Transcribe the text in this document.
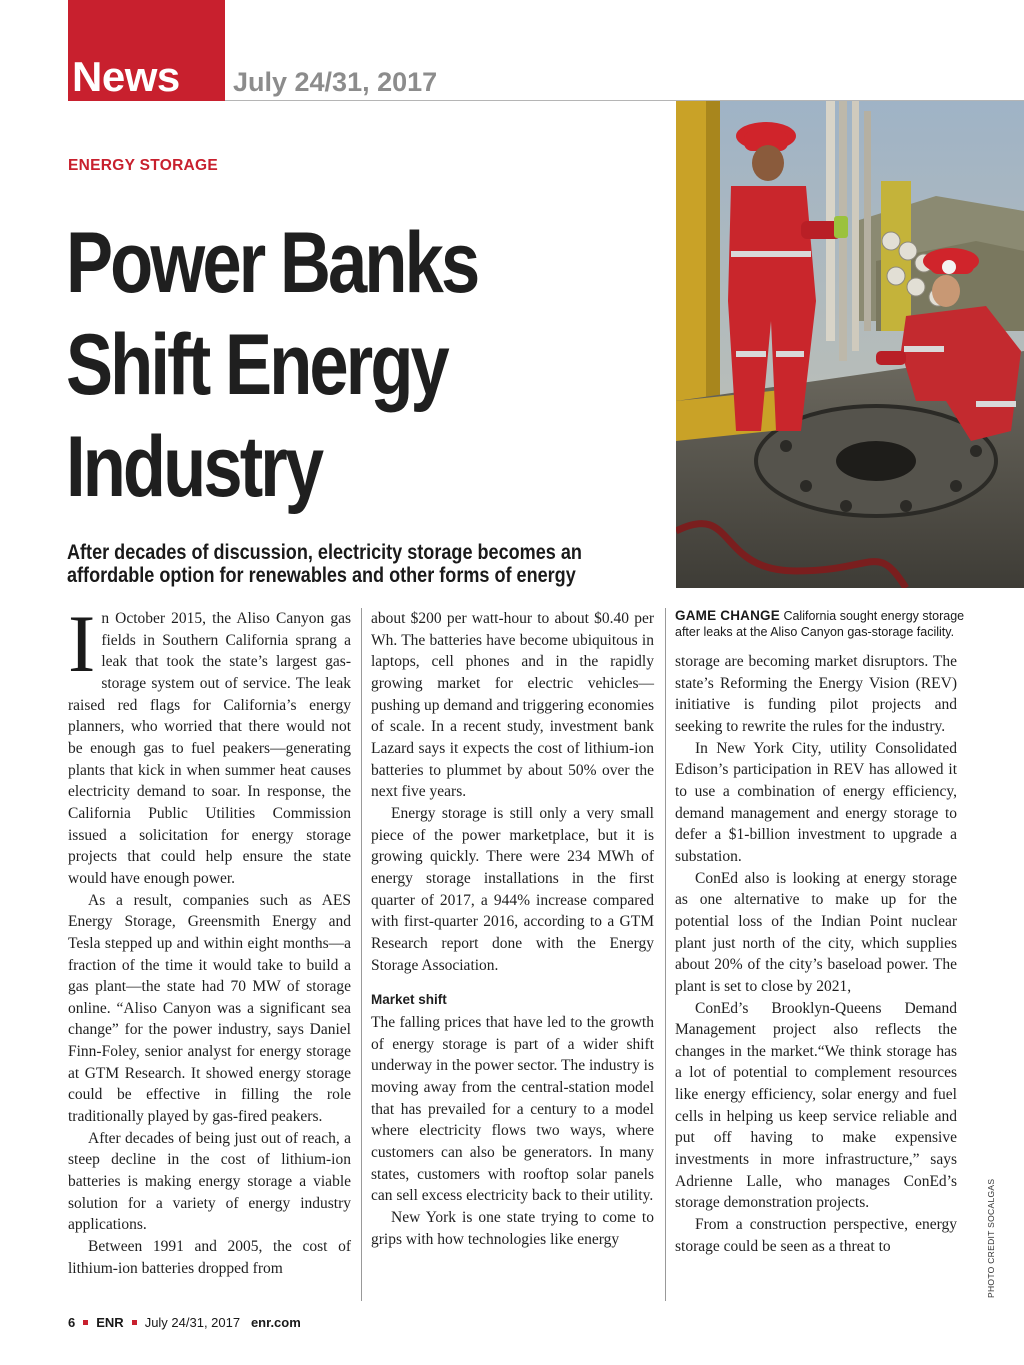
News July 24/31, 2017
ENERGY STORAGE
Power Banks
Shift Energy
Industry
After decades of discussion, electricity storage becomes an
affordable option for renewables and other forms of energy
GAME CHANGE California sought energy storage after leaks at the Aliso Canyon gas-storage facility.

In October 2015, the Aliso Canyon gas fields in Southern California sprang a leak that took the state’s largest gas-storage system out of service. The leak raised red flags for California’s energy planners, who worried that there would not be enough gas to fuel peakers—generating plants that kick in when summer heat causes electricity demand to soar. In response, the California Public Utilities Commission issued a solicitation for energy storage projects that could help ensure the state would have enough power.

As a result, companies such as AES Energy Storage, Greensmith Energy and Tesla stepped up and within eight months—a fraction of the time it would take to build a gas plant—the state had 70 MW of storage online. “Aliso Canyon was a significant sea change” for the power industry, says Daniel Finn-Foley, senior analyst for energy storage at GTM Research. It showed energy storage could be effective in filling the role traditionally played by gas-fired peakers.

After decades of being just out of reach, a steep decline in the cost of lithium-ion batteries is making energy storage a viable solution for a variety of energy industry applications.

Between 1991 and 2005, the cost of lithium-ion batteries dropped from

about $200 per watt-hour to about $0.40 per Wh. The batteries have become ubiquitous in laptops, cell phones and in the rapidly growing market for electric vehicles—pushing up demand and triggering economies of scale. In a recent study, investment bank Lazard says it expects the cost of lithium-ion batteries to plummet by about 50% over the next five years.

Energy storage is still only a very small piece of the power marketplace, but it is growing quickly. There were 234 MWh of energy storage installations in the first quarter of 2017, a 944% increase compared with first-quarter 2016, according to a GTM Research report done with the Energy Storage Association.

Market shift

The falling prices that have led to the growth of energy storage is part of a wider shift underway in the power sector. The industry is moving away from the central-station model that has prevailed for a century to a model where electricity flows two ways, where customers can also be generators. In many states, customers with rooftop solar panels can sell excess electricity back to their utility.

New York is one state trying to come to grips with how technologies like energy

storage are becoming market disruptors. The state’s Reforming the Energy Vision (REV) initiative is funding pilot projects and seeking to rewrite the rules for the industry.

In New York City, utility Consolidated Edison’s participation in REV has allowed it to use a combination of energy efficiency, demand management and energy storage to defer a $1-billion investment to upgrade a substation.

ConEd also is looking at energy storage as one alternative to make up for the potential loss of the Indian Point nuclear plant just north of the city, which supplies about 20% of the city’s baseload power. The plant is set to close by 2021,

ConEd’s Brooklyn-Queens Demand Management project also reflects the changes in the market.“We think storage has a lot of potential to complement resources like energy efficiency, solar energy and fuel cells in helping us keep service reliable and put off having to make expensive investments in more infrastructure,” says Adrienne Lalle, who manages ConEd’s storage demonstration projects.

From a construction perspective, energy storage could be seen as a threat to	PHOTO CREDIT SOCALGAS
6 ENR July 24/31, 2017 enr.com
